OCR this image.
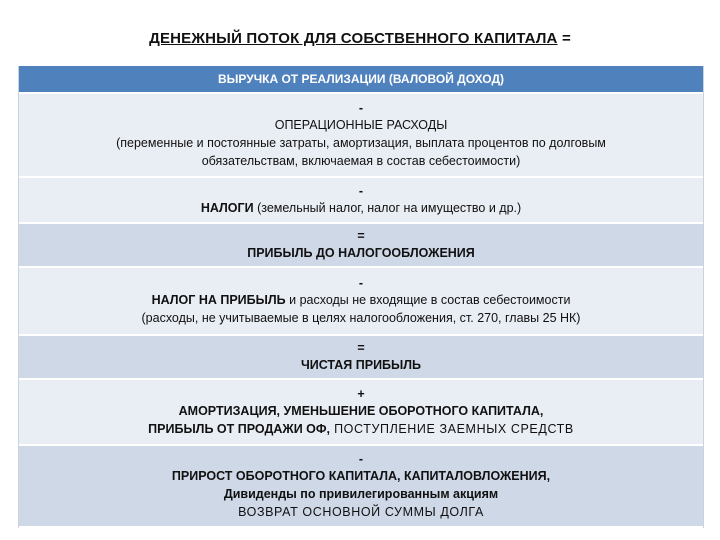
ДЕНЕЖНЫЙ ПОТОК ДЛЯ СОБСТВЕННОГО КАПИТАЛА =
ВЫРУЧКА ОТ РЕАЛИЗАЦИИ (ВАЛОВОЙ ДОХОД)
-
ОПЕРАЦИОННЫЕ РАСХОДЫ
(переменные и постоянные затраты, амортизация, выплата процентов по долговым
обязательствам, включаемая в состав себестоимости)
-
НАЛОГИ (земельный налог, налог на имущество и др.)
=
ПРИБЫЛЬ ДО НАЛОГООБЛОЖЕНИЯ
-
НАЛОГ НА ПРИБЫЛЬ и расходы не входящие в состав себестоимости
(расходы, не учитываемые в целях налогообложения, ст. 270, главы 25 НК)
=
ЧИСТАЯ ПРИБЫЛЬ
+
АМОРТИЗАЦИЯ, УМЕНЬШЕНИЕ ОБОРОТНОГО КАПИТАЛА,
ПРИБЫЛЬ ОТ ПРОДАЖИ ОФ, ПОСТУПЛЕНИЕ ЗАЕМНЫХ СРЕДСТВ
-
ПРИРОСТ ОБОРОТНОГО КАПИТАЛА, КАПИТАЛОВЛОЖЕНИЯ,
Дивиденды по привилегированным акциям
ВОЗВРАТ ОСНОВНОЙ СУММЫ ДОЛГА
